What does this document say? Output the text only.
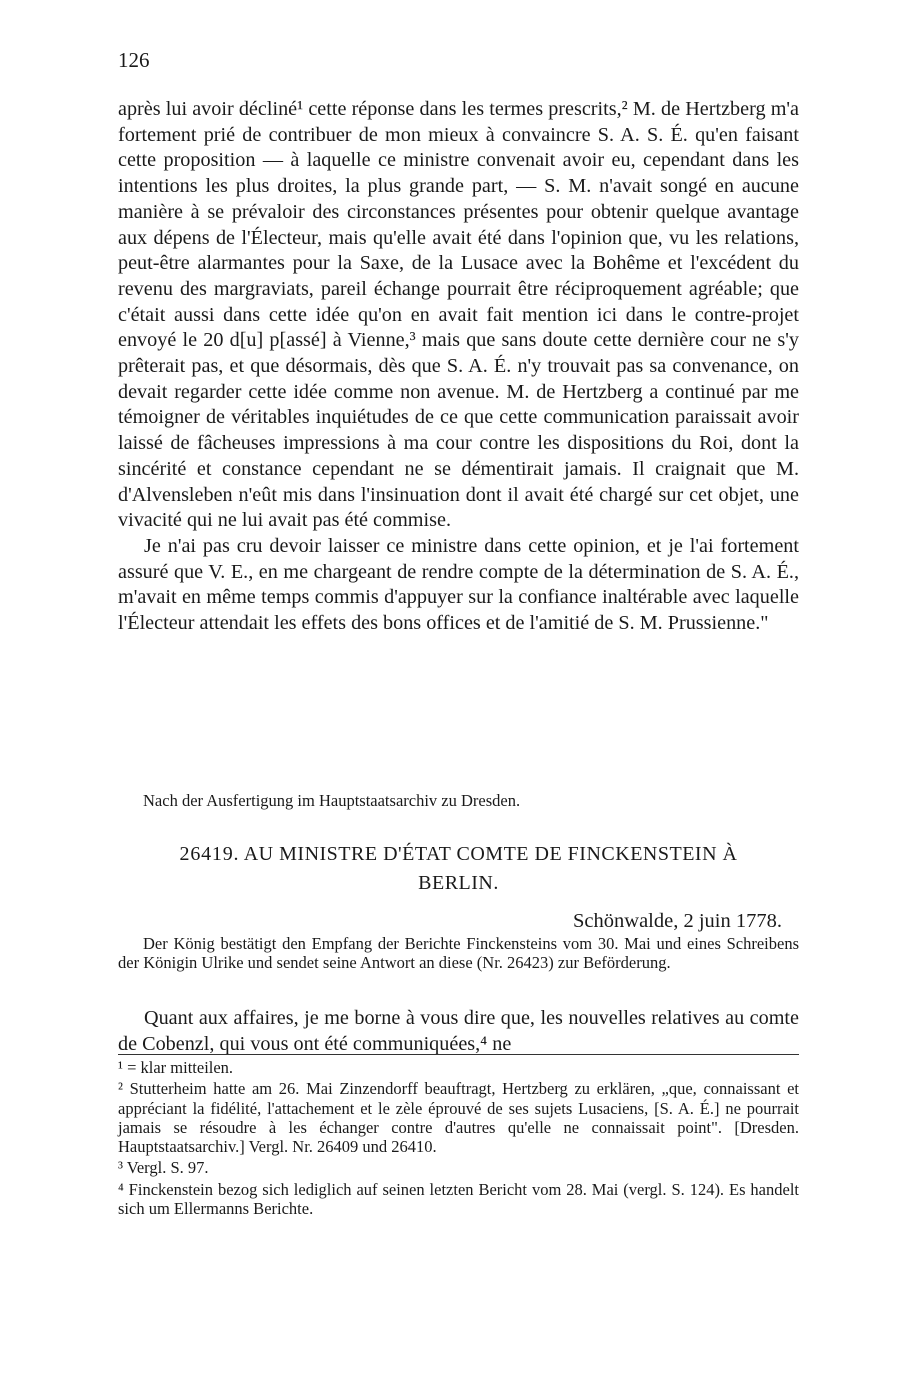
126

après lui avoir décliné¹ cette réponse dans les termes prescrits,² M. de Hertzberg m'a fortement prié de contribuer de mon mieux à convaincre S. A. S. É. qu'en faisant cette proposition — à laquelle ce ministre convenait avoir eu, cependant dans les intentions les plus droites, la plus grande part, — S. M. n'avait songé en aucune manière à se prévaloir des circonstances présentes pour obtenir quelque avantage aux dépens de l'Électeur, mais qu'elle avait été dans l'opinion que, vu les relations, peut-être alarmantes pour la Saxe, de la Lusace avec la Bohême et l'excédent du revenu des margraviats, pareil échange pourrait être réciproquement agréable; que c'était aussi dans cette idée qu'on en avait fait mention ici dans le contre-projet envoyé le 20 d[u] p[assé] à Vienne,³ mais que sans doute cette dernière cour ne s'y prêterait pas, et que désormais, dès que S. A. É. n'y trouvait pas sa convenance, on devait regarder cette idée comme non avenue. M. de Hertzberg a continué par me témoigner de véritables inquiétudes de ce que cette communication paraissait avoir laissé de fâcheuses impressions à ma cour contre les dispositions du Roi, dont la sincérité et constance cependant ne se démentirait jamais. Il craignait que M. d'Alvensleben n'eût mis dans l'insinuation dont il avait été chargé sur cet objet, une vivacité qui ne lui avait pas été commise.

Je n'ai pas cru devoir laisser ce ministre dans cette opinion, et je l'ai fortement assuré que V. E., en me chargeant de rendre compte de la détermination de S. A. É., m'avait en même temps commis d'appuyer sur la confiance inaltérable avec laquelle l'Électeur attendait les effets des bons offices et de l'amitié de S. M. Prussienne."

Nach der Ausfertigung im Hauptstaatsarchiv zu Dresden.
26419. AU MINISTRE D'ÉTAT COMTE DE FINCKENSTEIN À
BERLIN.
Schönwalde, 2 juin 1778.

Der König bestätigt den Empfang der Berichte Finckensteins vom 30. Mai und eines Schreibens der Königin Ulrike und sendet seine Antwort an diese (Nr. 26423) zur Beförderung.

Quant aux affaires, je me borne à vous dire que, les nouvelles relatives au comte de Cobenzl, qui vous ont été communiquées,⁴ ne

¹ = klar mitteilen.

² Stutterheim hatte am 26. Mai Zinzendorff beauftragt, Hertzberg zu erklären, „que, connaissant et appréciant la fidélité, l'attachement et le zèle éprouvé de ses sujets Lusaciens, [S. A. É.] ne pourrait jamais se résoudre à les échanger contre d'autres qu'elle ne connaissait point". [Dresden. Hauptstaatsarchiv.] Vergl. Nr. 26409 und 26410.

³ Vergl. S. 97.

⁴ Finckenstein bezog sich lediglich auf seinen letzten Bericht vom 28. Mai (vergl. S. 124). Es handelt sich um Ellermanns Berichte.
